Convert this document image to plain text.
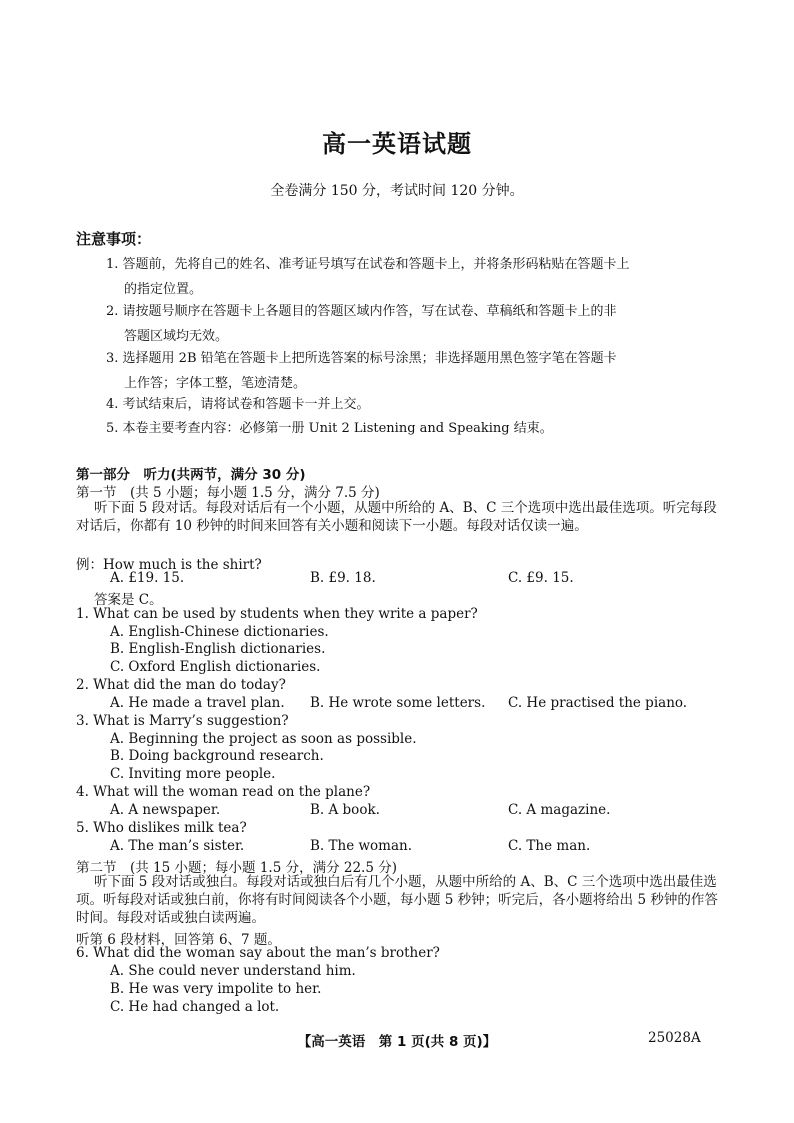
高一英语试题
全卷满分 150 分，考试时间 120 分钟。
注意事项：
1. 答题前，先将自己的姓名、准考证号填写在试卷和答题卡上，并将条形码粘贴在答题卡上
的指定位置。
2. 请按题号顺序在答题卡上各题目的答题区域内作答，写在试卷、草稿纸和答题卡上的非
答题区域均无效。
3. 选择题用 2B 铅笔在答题卡上把所选答案的标号涂黑；非选择题用黑色签字笔在答题卡
上作答；字体工整，笔迹清楚。
4. 考试结束后，请将试卷和答题卡一并上交。
5. 本卷主要考查内容：必修第一册 Unit 2 Listening and Speaking 结束。
第一部分　听力(共两节，满分 30 分)
第一节　(共 5 小题；每小题 1.5 分，满分 7.5 分)
听下面 5 段对话。每段对话后有一个小题，从题中所给的 A、B、C 三个选项中选出最佳选项。听完每段对话后，你都有 10 秒钟的时间来回答有关小题和阅读下一小题。每段对话仅读一遍。
例：How much is the shirt?
A. £19. 15.	B. £9. 18.	C. £9. 15.
答案是 C。
1. What can be used by students when they write a paper?
A. English-Chinese dictionaries.
B. English-English dictionaries.
C. Oxford English dictionaries.
2. What did the man do today?
A. He made a travel plan. B. He wrote some letters. C. He practised the piano.
3. What is Marry’s suggestion?
A. Beginning the project as soon as possible.
B. Doing background research.
C. Inviting more people.
4. What will the woman read on the plane?
A. A newspaper.	B. A book.	C. A magazine.
5. Who dislikes milk tea?
A. The man’s sister.	B. The woman.	C. The man.
第二节　(共 15 小题；每小题 1.5 分，满分 22.5 分)
听下面 5 段对话或独白。每段对话或独白后有几个小题，从题中所给的 A、B、C 三个选项中选出最佳选项。听每段对话或独白前，你将有时间阅读各个小题，每小题 5 秒钟；听完后，各小题将给出 5 秒钟的作答时间。每段对话或独白读两遍。
听第 6 段材料，回答第 6、7 题。
6. What did the woman say about the man’s brother?
A. She could never understand him.
B. He was very impolite to her.
C. He had changed a lot.
【高一英语　第 1 页(共 8 页)】	25028A
